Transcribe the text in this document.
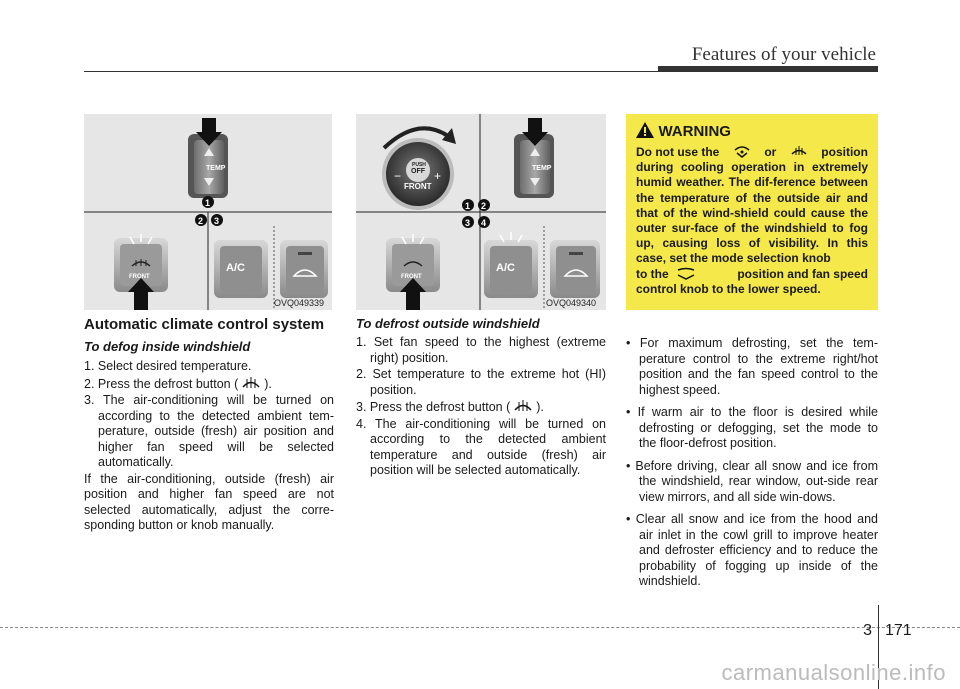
Features of your vehicle
TEMP
FRONT
A/C
1
2 3
OVQ049339
−	+
PUSH
OFF
FRONT
TEMP
FRONT
A/C
1 2
3 4
OVQ049340
WARNING
Do not use the	or	position
during cooling operation in extremely humid weather. The dif-ference between the temperature of the outside air and that of the wind-shield could cause the outer sur-face of the windshield to fog up, causing loss of visibility. In this case, set the mode selection knob
to the	position and fan speed
control knob to the lower speed.
Automatic climate control system
To defog inside windshield
1. Select desired temperature.
2. Press the defrost button ( ).
3. The air-conditioning will be turned on according to the detected ambient tem-perature, outside (fresh) air position and higher fan speed will be selected automatically.
If the air-conditioning, outside (fresh) air position and higher fan speed are not selected automatically, adjust the corre-sponding button or knob manually.
To defrost outside windshield
1. Set fan speed to the highest (extreme right) position.
2. Set temperature to the extreme hot (HI) position.
3. Press the defrost button ( ).
4. The air-conditioning will be turned on according to the detected ambient temperature and outside (fresh) air position will be selected automatically.
• For maximum defrosting, set the tem-perature control to the extreme right/hot position and the fan speed control to the highest speed.
• If warm air to the floor is desired while defrosting or defogging, set the mode to the floor-defrost position.
• Before driving, clear all snow and ice from the windshield, rear window, out-side rear view mirrors, and all side win-dows.
• Clear all snow and ice from the hood and air inlet in the cowl grill to improve heater and defroster efficiency and to reduce the probability of fogging up inside of the windshield.
3 171
carmanualsonline.info
